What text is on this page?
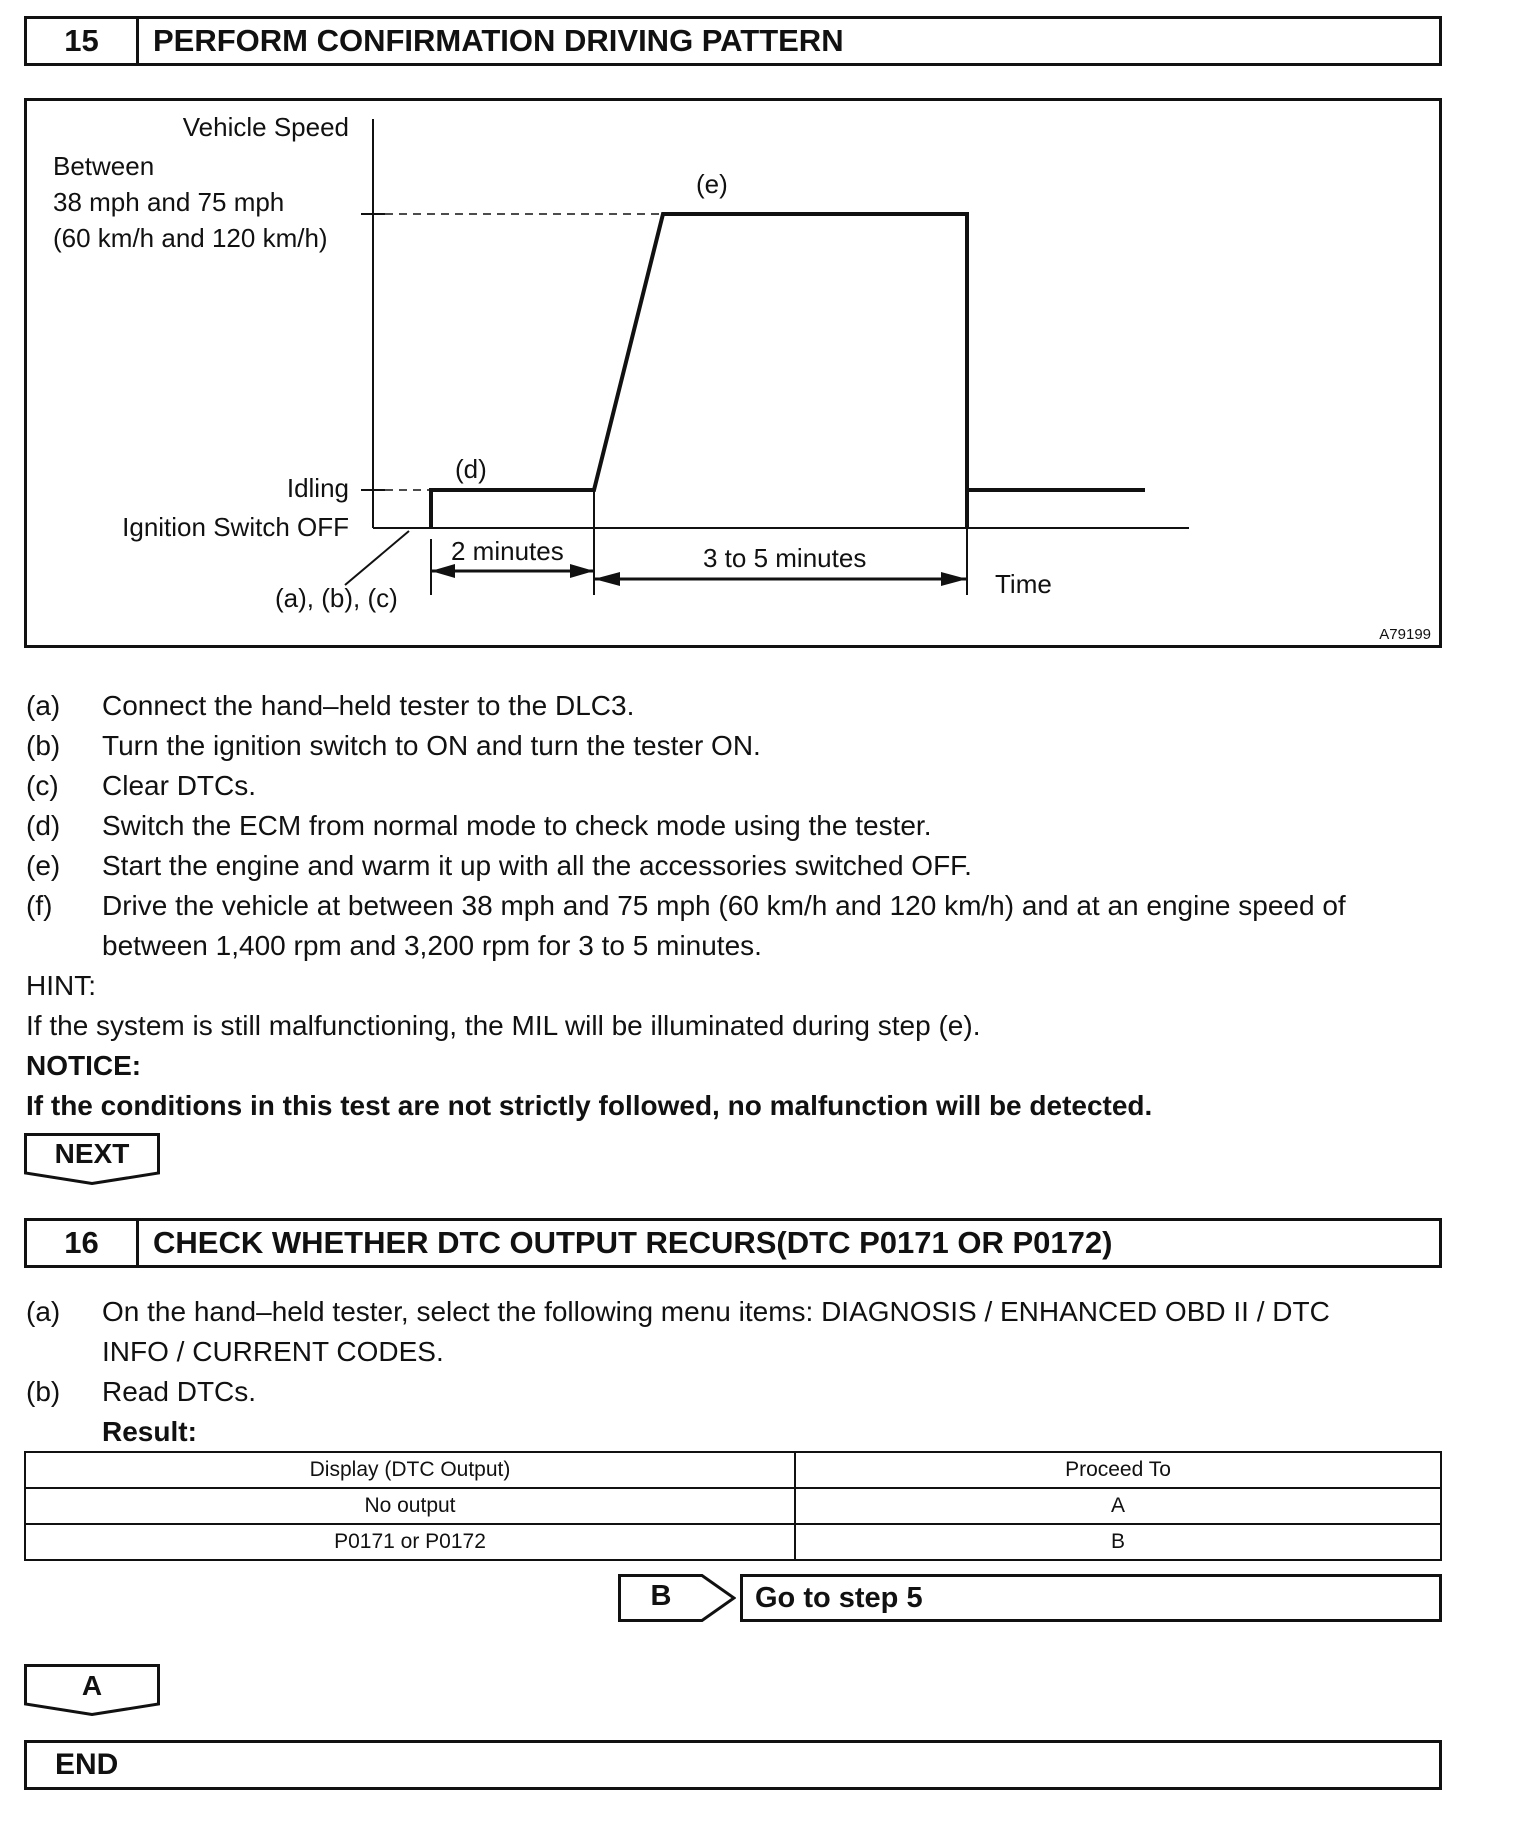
15	PERFORM CONFIRMATION DRIVING PATTERN
Vehicle Speed
Between
38 mph and 75 mph
(60 km/h and 120 km/h)
Idling
Ignition Switch OFF
(a), (b), (c)
(d)
(e)
2 minutes	3 to 5 minutes
Time
A79199
(a) Connect the hand–held tester to the DLC3.
(b) Turn the ignition switch to ON and turn the tester ON.
(c) Clear DTCs.
(d) Switch the ECM from normal mode to check mode using the tester.
(e) Start the engine and warm it up with all the accessories switched OFF.
(f) Drive the vehicle at between 38 mph and 75 mph (60 km/h and 120 km/h) and at an engine speed of
between 1,400 rpm and 3,200 rpm for 3 to 5 minutes.
HINT:
If the system is still malfunctioning, the MIL will be illuminated during step (e).
NOTICE:
If the conditions in this test are not strictly followed, no malfunction will be detected.
NEXT
16	CHECK WHETHER DTC OUTPUT RECURS(DTC P0171 OR P0172)
(a) On the hand–held tester, select the following menu items: DIAGNOSIS / ENHANCED OBD II / DTC
INFO / CURRENT CODES.
(b) Read DTCs.
Result:
Display (DTC Output)	Proceed To
No output	A
P0171 or P0172	B
B	Go to step 5
A
END
